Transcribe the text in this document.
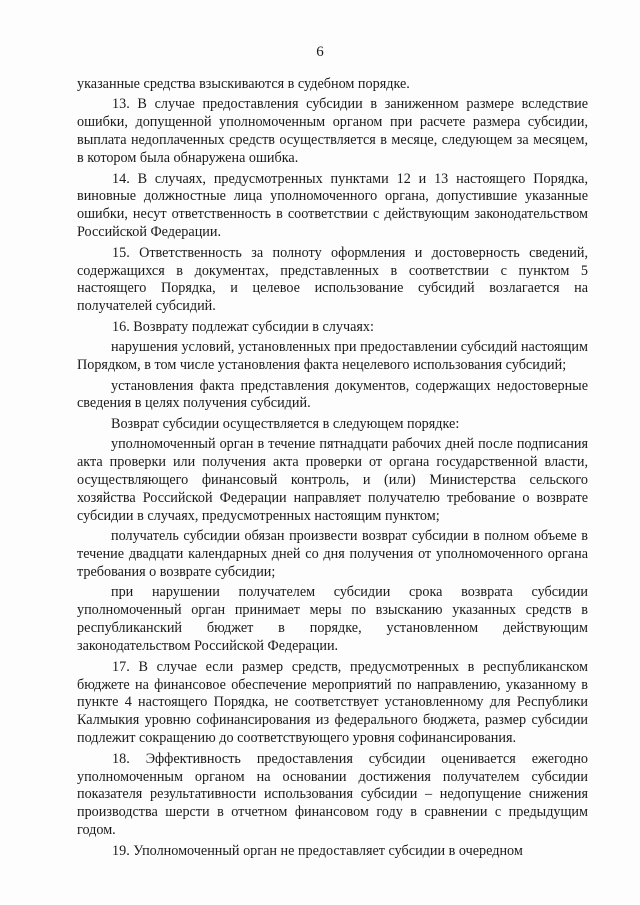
6

указанные средства взыскиваются в судебном порядке.

13. В случае предоставления субсидии в заниженном размере вследствие ошибки, допущенной уполномоченным органом при расчете размера субсидии, выплата недоплаченных средств осуществляется в месяце, следующем за месяцем, в котором была обнаружена ошибка.

14. В случаях, предусмотренных пунктами 12 и 13 настоящего Порядка, виновные должностные лица уполномоченного органа, допустившие указанные ошибки, несут ответственность в соответствии с действующим законодательством Российской Федерации.

15. Ответственность за полноту оформления и достоверность сведений, содержащихся в документах, представленных в соответствии с пунктом 5 настоящего Порядка, и целевое использование субсидий возлагается на получателей субсидий.

16. Возврату подлежат субсидии в случаях:

нарушения условий, установленных при предоставлении субсидий настоящим Порядком, в том числе установления факта нецелевого использования субсидий;

установления факта представления документов, содержащих недостоверные сведения в целях получения субсидий.

Возврат субсидии осуществляется в следующем порядке:

уполномоченный орган в течение пятнадцати рабочих дней после подписания акта проверки или получения акта проверки от органа государственной власти, осуществляющего финансовый контроль, и (или) Министерства сельского хозяйства Российской Федерации направляет получателю требование о возврате субсидии в случаях, предусмотренных настоящим пунктом;

получатель субсидии обязан произвести возврат субсидии в полном объеме в течение двадцати календарных дней со дня получения от уполномоченного органа требования о возврате субсидии;

при нарушении получателем субсидии срока возврата субсидии уполномоченный орган принимает меры по взысканию указанных средств в республиканский бюджет в порядке, установленном действующим законодательством Российской Федерации.

17. В случае если размер средств, предусмотренных в республиканском бюджете на финансовое обеспечение мероприятий по направлению, указанному в пункте 4 настоящего Порядка, не соответствует установленному для Республики Калмыкия уровню софинансирования из федерального бюджета, размер субсидии подлежит сокращению до соответствующего уровня софинансирования.

18. Эффективность предоставления субсидии оценивается ежегодно уполномоченным органом на основании достижения получателем субсидии показателя результативности использования субсидии – недопущение снижения производства шерсти в отчетном финансовом году в сравнении с предыдущим годом.

19. Уполномоченный орган не предоставляет субсидии в очередном
